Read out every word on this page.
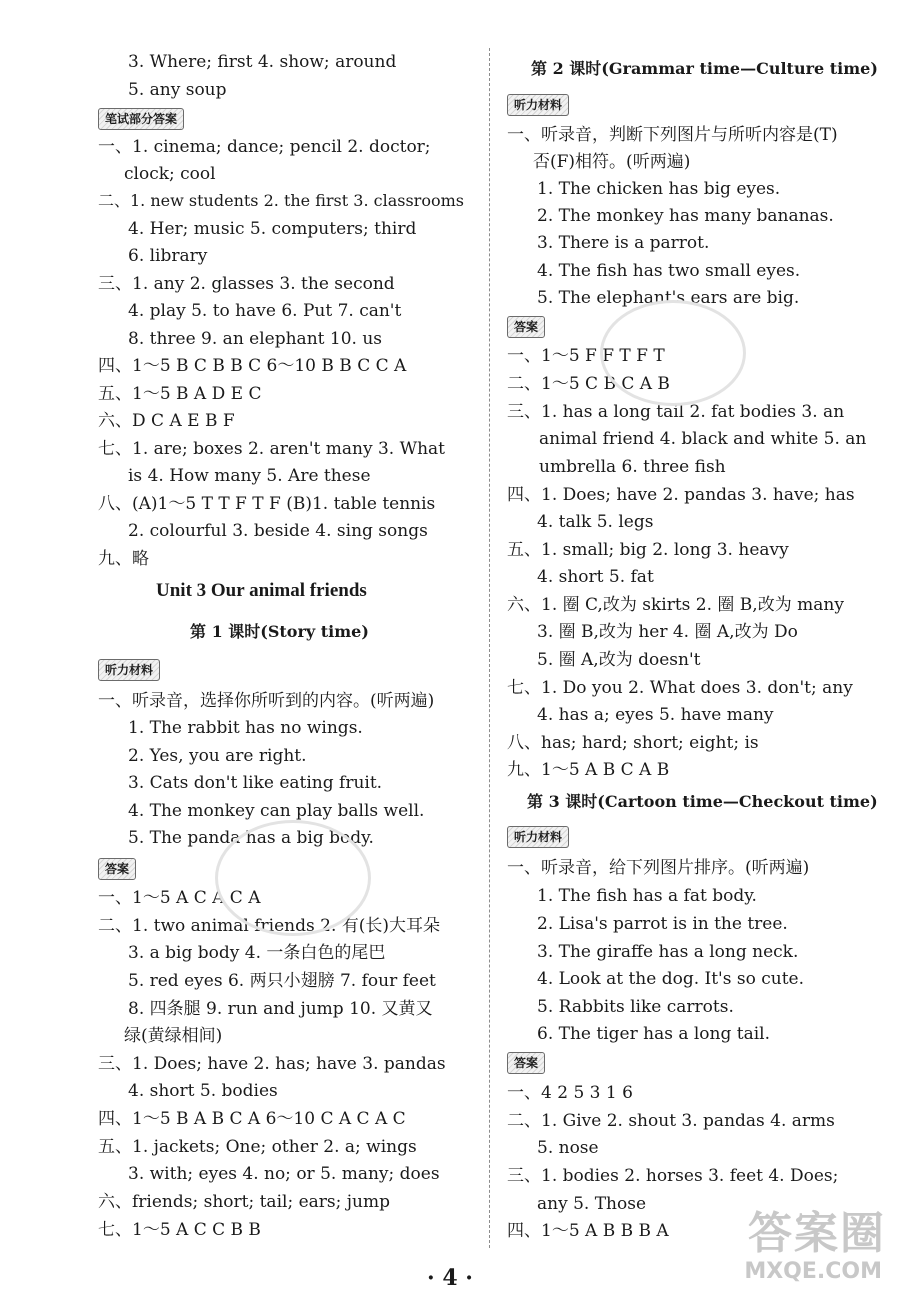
3. Where; first 4. show; around
5. any soup
笔试部分答案
一、1. cinema; dance; pencil 2. doctor;
clock; cool
二、1. new students 2. the first 3. classrooms
4. Her; music 5. computers; third
6. library
三、1. any 2. glasses 3. the second
4. play 5. to have 6. Put 7. can't
8. three 9. an elephant 10. us
四、1～5 B C B B C 6～10 B B C C A
五、1～5 B A D E C
六、D C A E B F
七、1. are; boxes 2. aren't many 3. What
is 4. How many 5. Are these
八、(A)1～5 T T F T F (B)1. table tennis
2. colourful 3. beside 4. sing songs
九、略
Unit 3 Our animal friends
第 1 课时(Story time)
听力材料
一、听录音，选择你所听到的内容。(听两遍)
1. The rabbit has no wings.
2. Yes, you are right.
3. Cats don't like eating fruit.
4. The monkey can play balls well.
5. The panda has a big body.
答案
一、1～5 A C A C A
二、1. two animal friends 2. 有(长)大耳朵
3. a big body 4. 一条白色的尾巴
5. red eyes 6. 两只小翅膀 7. four feet
8. 四条腿 9. run and jump 10. 又黄又
绿(黄绿相间)
三、1. Does; have 2. has; have 3. pandas
4. short 5. bodies
四、1～5 B A B C A 6～10 C A C A C
五、1. jackets; One; other 2. a; wings
3. with; eyes 4. no; or 5. many; does
六、friends; short; tail; ears; jump
七、1～5 A C C B B
第 2 课时(Grammar time—Culture time)
听力材料
一、听录音，判断下列图片与所听内容是(T)
否(F)相符。(听两遍)
1. The chicken has big eyes.
2. The monkey has many bananas.
3. There is a parrot.
4. The fish has two small eyes.
5. The elephant's ears are big.
答案
一、1～5 F F T F T
二、1～5 C B C A B
三、1. has a long tail 2. fat bodies 3. an
animal friend 4. black and white 5. an
umbrella 6. three fish
四、1. Does; have 2. pandas 3. have; has
4. talk 5. legs
五、1. small; big 2. long 3. heavy
4. short 5. fat
六、1. 圈 C,改为 skirts 2. 圈 B,改为 many
3. 圈 B,改为 her 4. 圈 A,改为 Do
5. 圈 A,改为 doesn't
七、1. Do you 2. What does 3. don't; any
4. has a; eyes 5. have many
八、has; hard; short; eight; is
九、1～5 A B C A B
第 3 课时(Cartoon time—Checkout time)
听力材料
一、听录音，给下列图片排序。(听两遍)
1. The fish has a fat body.
2. Lisa's parrot is in the tree.
3. The giraffe has a long neck.
4. Look at the dog. It's so cute.
5. Rabbits like carrots.
6. The tiger has a long tail.
答案
一、4 2 5 3 1 6
二、1. Give 2. shout 3. pandas 4. arms
5. nose
三、1. bodies 2. horses 3. feet 4. Does;
any 5. Those
四、1～5 A B B B A
· 4 ·
答案圈
MXQE.COM
